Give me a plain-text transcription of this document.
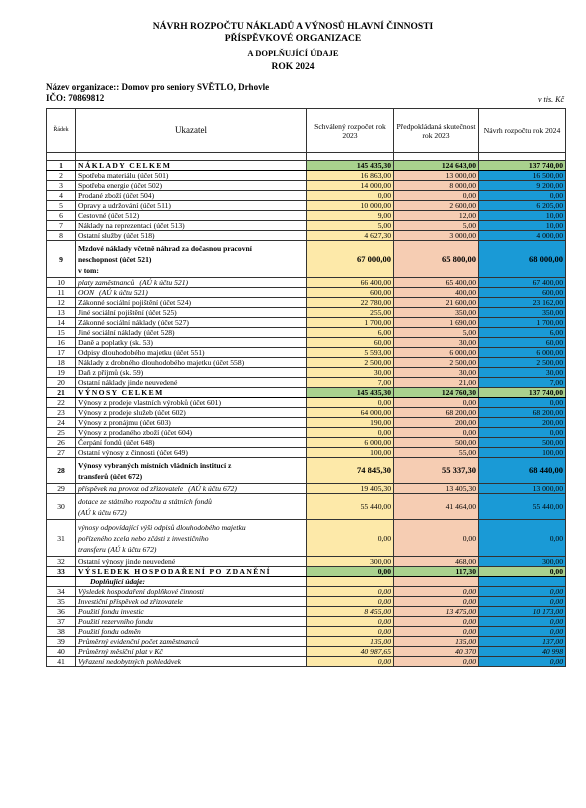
NÁVRH ROZPOČTU NÁKLADŮ A VÝNOSŮ HLAVNÍ ČINNOSTI
PŘÍSPĚVKOVÉ ORGANIZACE
A DOPLŇUJÍCÍ ÚDAJE
ROK 2024
Název organizace:: Domov pro seniory SVĚTLO, Drhovle
IČO: 70869812	v tis. Kč
Řádek	Ukazatel	Schválený rozpočet rok 2023	Předpokládaná skutečnost rok 2023	Návrh rozpočtu rok 2024

1	NÁKLADY CELKEM	145 435,30	124 643,00	137 740,00
2	Spotřeba materiálu (účet 501)	16 863,00	13 000,00	16 500,00
3	Spotřeba energie (účet 502)	14 000,00	8 000,00	9 200,00
4	Prodané zboží (účet 504)	0,00	0,00	0,00
5	Opravy a udržování (účet 511)	10 000,00	2 600,00	6 205,00
6	Cestovné (účet 512)	9,00	12,00	10,00
7	Náklady na reprezentaci (účet 513)	5,00	5,00	10,00
8	Ostatní služby (účet 518)	4 627,30	3 000,00	4 000,00
9	Mzdové náklady včetně náhrad za dočasnou pracovní
neschopnost (účet 521)
v tom:	67 000,00	65 800,00	68 000,00
10	platy zaměstnanců (AÚ k účtu 521)	66 400,00	65 400,00	67 400,00
11	OON (AÚ k účtu 521)	600,00	400,00	600,00
12	Zákonné sociální pojištění (účet 524)	22 780,00	21 600,00	23 162,00
13	Jiné sociální pojištění (účet 525)	255,00	350,00	350,00
14	Zákonné sociální náklady (účet 527)	1 700,00	1 690,00	1 700,00
15	Jiné sociální náklady (účet 528)	6,00	5,00	6,00
16	Daně a poplatky (sk. 53)	60,00	30,00	60,00
17	Odpisy dlouhodobého majetku (účet 551)	5 593,00	6 000,00	6 000,00
18	Náklady z drobného dlouhodobého majetku (účet 558)	2 500,00	2 500,00	2 500,00
19	Daň z příjmů (sk. 59)	30,00	30,00	30,00
20	Ostatní náklady jinde neuvedené	7,00	21,00	7,00
21	VÝNOSY CELKEM	145 435,30	124 760,30	137 740,00
22	Výnosy z prodeje vlastních výrobků (účet 601)	0,00	0,00	0,00
23	Výnosy z prodeje služeb (účet 602)	64 000,00	68 200,00	68 200,00
24	Výnosy z pronájmu (účet 603)	190,00	200,00	200,00
25	Výnosy z prodaného zboží (účet 604)	0,00	0,00	0,00
26	Čerpání fondů (účet 648)	6 000,00	500,00	500,00
27	Ostatní výnosy z činnosti (účet 649)	100,00	55,00	100,00
28	Výnosy vybraných místních vládních institucí z
transferů (účet 672)	74 845,30	55 337,30	68 440,00
29	příspěvek na provoz od zřizovatele (AÚ k účtu 672)	19 405,30	13 405,30	13 000,00
30	dotace ze státního rozpočtu a státních fondů
(AÚ k účtu 672)	55 440,00	41 464,00	55 440,00
31	výnosy odpovídající výši odpisů dlouhodobého majetku
pořízeného zcela nebo zčásti z investičního
transferu (AÚ k účtu 672)	0,00	0,00	0,00
32	Ostatní výnosy jinde neuvedené	300,00	468,00	300,00
33	VÝSLEDEK HOSPODAŘENÍ PO ZDANĚNÍ	0,00	117,30	0,00
	Doplňující údaje:			
34	Výsledek hospodaření doplňkové činnosti	0,00	0,00	0,00
35	Investiční příspěvek od zřizovatele	0,00	0,00	0,00
36	Použití fondu investic	8 455,00	13 475,00	10 173,00
37	Použití rezervního fondu	0,00	0,00	0,00
38	Použití fondu odměn	0,00	0,00	0,00
39	Průměrný evidenční počet zaměstnanců	135,00	135,00	137,00
40	Průměrný měsíční plat v Kč	40 987,65	40 370	40 998
41	Vyřazení nedobytných pohledávek	0,00	0,00	0,00
